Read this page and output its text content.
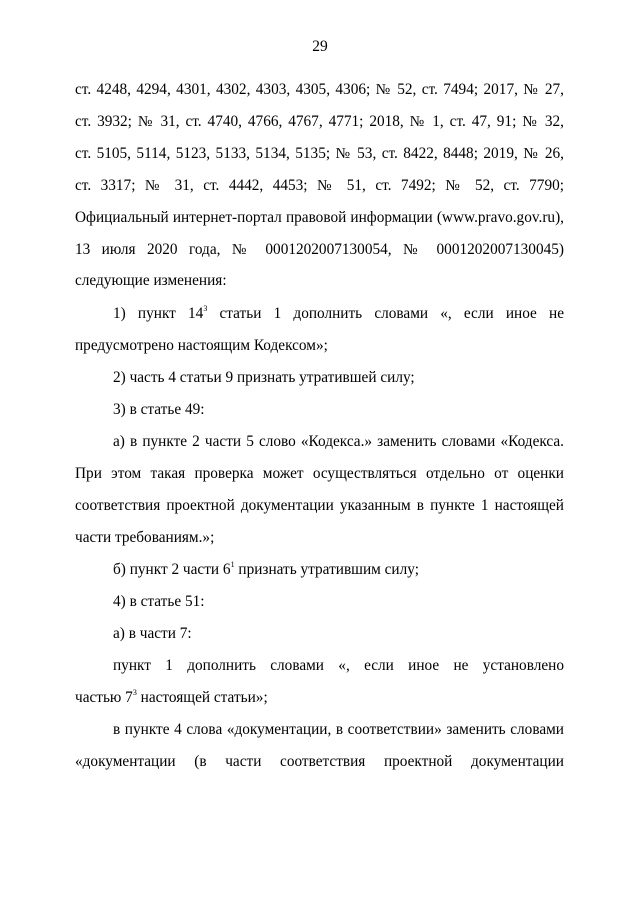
29
ст. 4248, 4294, 4301, 4302, 4303, 4305, 4306; № 52, ст. 7494; 2017, № 27,
ст. 3932; № 31, ст. 4740, 4766, 4767, 4771; 2018, № 1, ст. 47, 91; № 32,
ст. 5105, 5114, 5123, 5133, 5134, 5135; № 53, ст. 8422, 8448; 2019, № 26,
ст. 3317; № 31, ст. 4442, 4453; № 51, ст. 7492; № 52, ст. 7790;
Официальный интернет-портал правовой информации (www.pravo.gov.ru),
13 июля 2020 года, № 0001202007130054, № 0001202007130045)
следующие изменения:
1) пункт $14^3$ статьи 1 дополнить словами «, если иное не
предусмотрено настоящим Кодексом»;
2) часть 4 статьи 9 признать утратившей силу;
3) в статье 49:
а) в пункте 2 части 5 слово «Кодекса.» заменить словами «Кодекса.
При этом такая проверка может осуществляться отдельно от оценки
соответствия проектной документации указанным в пункте 1 настоящей
части требованиям.»;
б) пункт 2 части $6^1$ признать утратившим силу;
4) в статье 51:
а) в части 7:
пункт 1 дополнить словами «, если иное не установлено
частью $7^3$ настоящей статьи»;
в пункте 4 слова «документации, в соответствии» заменить словами
«документации (в части соответствия проектной документации
